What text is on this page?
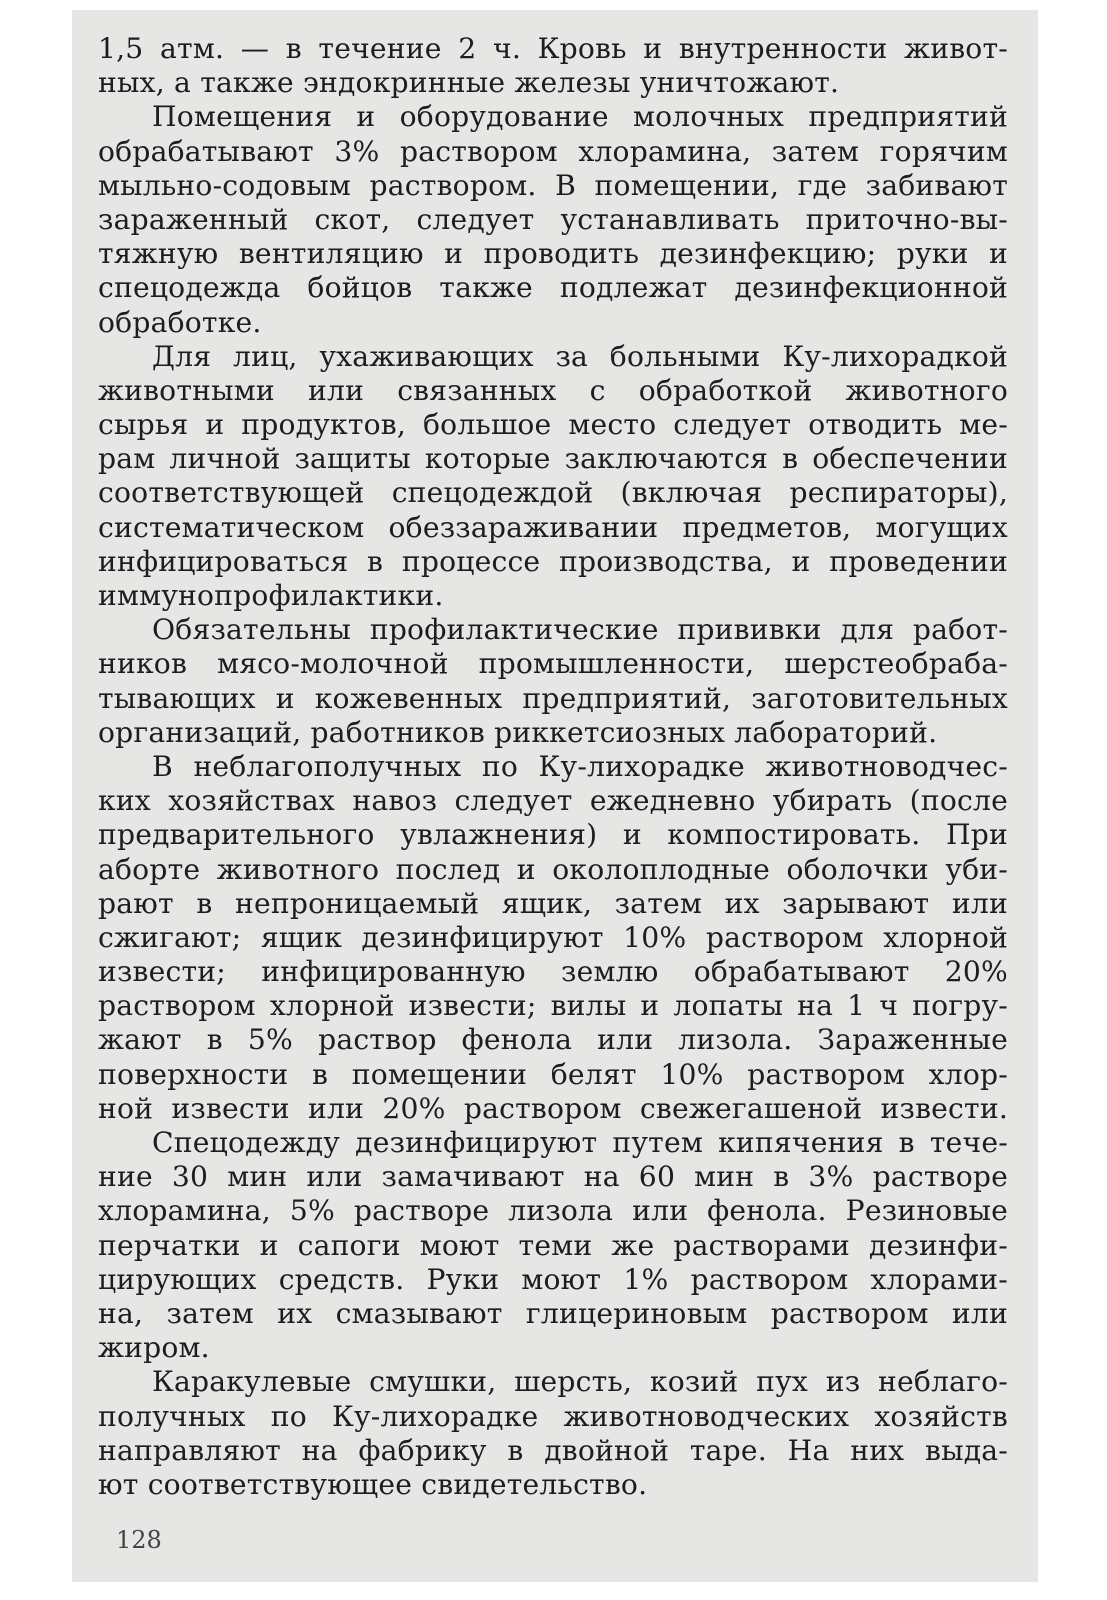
1,5 атм. — в течение 2 ч. Кровь и внутренности живот-
ных, а также эндокринные железы уничтожают.
Помещения и оборудование молочных предприятий
обрабатывают 3% раствором хлорамина, затем горячим
мыльно-содовым раствором. В помещении, где забивают
зараженный скот, следует устанавливать приточно-вы-
тяжную вентиляцию и проводить дезинфекцию; руки и
спецодежда бойцов также подлежат дезинфекционной
обработке.
Для лиц, ухаживающих за больными Ку-лихорадкой
животными или связанных с обработкой животного
сырья и продуктов, большое место следует отводить ме-
рам личной защиты которые заключаются в обеспечении
соответствующей спецодеждой (включая респираторы),
систематическом обеззараживании предметов, могущих
инфицироваться в процессе производства, и проведении
иммунопрофилактики.
Обязательны профилактические прививки для работ-
ников мясо-молочной промышленности, шерстеобраба-
тывающих и кожевенных предприятий, заготовительных
организаций, работников риккетсиозных лабораторий.
В неблагополучных по Ку-лихорадке животноводчес-
ких хозяйствах навоз следует ежедневно убирать (после
предварительного увлажнения) и компостировать. При
аборте животного послед и околоплодные оболочки уби-
рают в непроницаемый ящик, затем их зарывают или
сжигают; ящик дезинфицируют 10% раствором хлорной
извести; инфицированную землю обрабатывают 20%
раствором хлорной извести; вилы и лопаты на 1 ч погру-
жают в 5% раствор фенола или лизола. Зараженные
поверхности в помещении белят 10% раствором хлор-
ной извести или 20% раствором свежегашеной извести.
Спецодежду дезинфицируют путем кипячения в тече-
ние 30 мин или замачивают на 60 мин в 3% растворе
хлорамина, 5% растворе лизола или фенола. Резиновые
перчатки и сапоги моют теми же растворами дезинфи-
цирующих средств. Руки моют 1% раствором хлорами-
на, затем их смазывают глицериновым раствором или
жиром.
Каракулевые смушки, шерсть, козий пух из неблаго-
получных по Ку-лихорадке животноводческих хозяйств
направляют на фабрику в двойной таре. На них выда-
ют соответствующее свидетельство.
128
